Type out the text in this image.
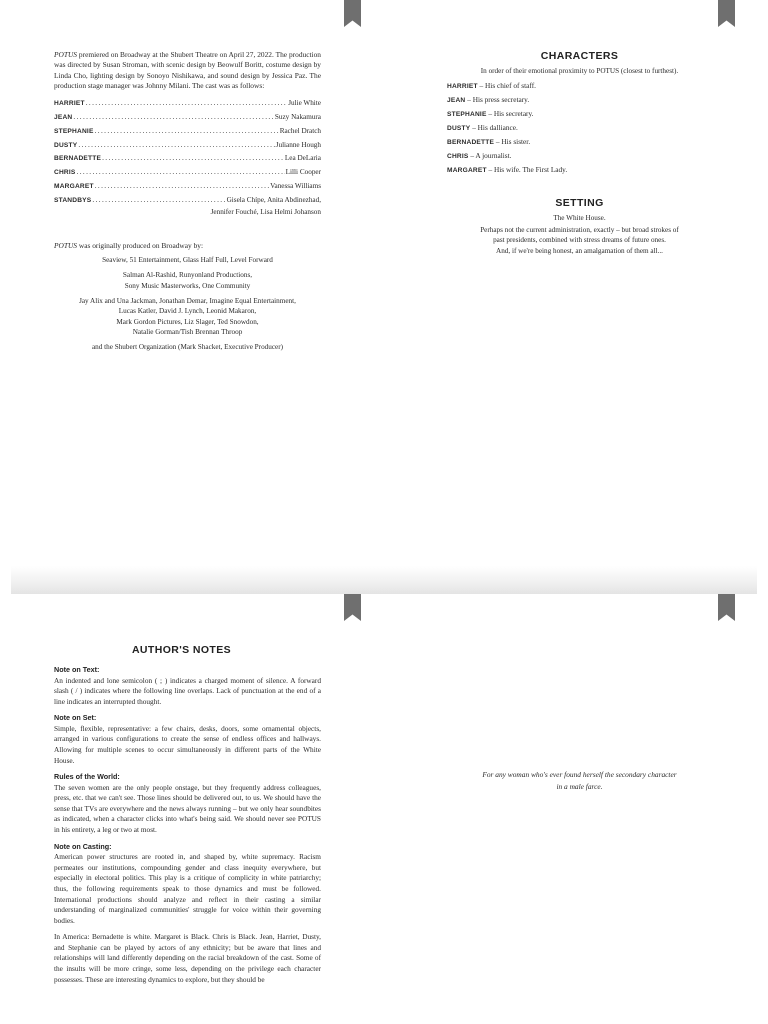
POTUS premiered on Broadway at the Shubert Theatre on April 27, 2022. The production was directed by Susan Stroman, with scenic design by Beowulf Boritt, costume design by Linda Cho, lighting design by Sonoyo Nishikawa, and sound design by Jessica Paz. The production stage manager was Johnny Milani. The cast was as follows:

HARRIET .....	Julie White
JEAN .....	Suzy Nakamura
STEPHANIE .....	Rachel Dratch
DUSTY .....	Julianne Hough
BERNADETTE .....	Lea DeLaria
CHRIS .....	Lilli Cooper
MARGARET .....	Vanessa Williams
STANDBYS .....	Gisela Chípe, Anita Abdinezhad,
Jennifer Fouché, Lisa Helmi Johanson
POTUS was originally produced on Broadway by:
Seaview, 51 Entertainment, Glass Half Full, Level Forward
Salman Al-Rashid, Runyonland Productions,
Sony Music Masterworks, One Community
Jay Alix and Una Jackman, Jonathan Demar, Imagine Equal Entertainment,
Lucas Katler, David J. Lynch, Leonid Makaron,
Mark Gordon Pictures, Liz Slager, Ted Snowdon,
Natalie Gorman/Tish Brennan Throop
and the Shubert Organization (Mark Shacket, Executive Producer)
CHARACTERS
In order of their emotional proximity to POTUS (closest to furthest).
HARRIET – His chief of staff.
JEAN – His press secretary.
STEPHANIE – His secretary.
DUSTY – His dalliance.
BERNADETTE – His sister.
CHRIS – A journalist.
MARGARET – His wife. The First Lady.
SETTING
The White House.
Perhaps not the current administration, exactly – but broad strokes of
past presidents, combined with stress dreams of future ones.
And, if we're being honest, an amalgamation of them all...
AUTHOR'S NOTES

Note on Text:

An indented and lone semicolon ( ; ) indicates a charged moment of silence. A forward slash ( / ) indicates where the following line overlaps. Lack of punctuation at the end of a line indicates an interrupted thought.

Note on Set:

Simple, flexible, representative: a few chairs, desks, doors, some ornamental objects, arranged in various configurations to create the sense of endless offices and hallways. Allowing for multiple scenes to occur simultaneously in different parts of the White House.

Rules of the World:

The seven women are the only people onstage, but they frequently address colleagues, press, etc. that we can't see. Those lines should be delivered out, to us. We should have the sense that TVs are everywhere and the news always running – but we only hear soundbites as indicated, when a character clicks into what's being said. We should never see POTUS in his entirety, a leg or two at most.

Note on Casting:

American power structures are rooted in, and shaped by, white supremacy. Racism permeates our institutions, compounding gender and class inequity everywhere, but especially in electoral politics. This play is a critique of complicity in white patriarchy; thus, the following requirements speak to those dynamics and must be followed. International productions should analyze and reflect in their casting a similar understanding of marginalized communities' struggle for voice within their governing bodies.

In America: Bernadette is white. Margaret is Black. Chris is Black. Jean, Harriet, Dusty, and Stephanie can be played by actors of any ethnicity; but be aware that lines and relationships will land differently depending on the racial breakdown of the cast. Some of the insults will be more cringe, some less, depending on the privilege each character possesses. These are interesting dynamics to explore, but they should be

For any woman who's ever found herself the secondary character
in a male farce.
